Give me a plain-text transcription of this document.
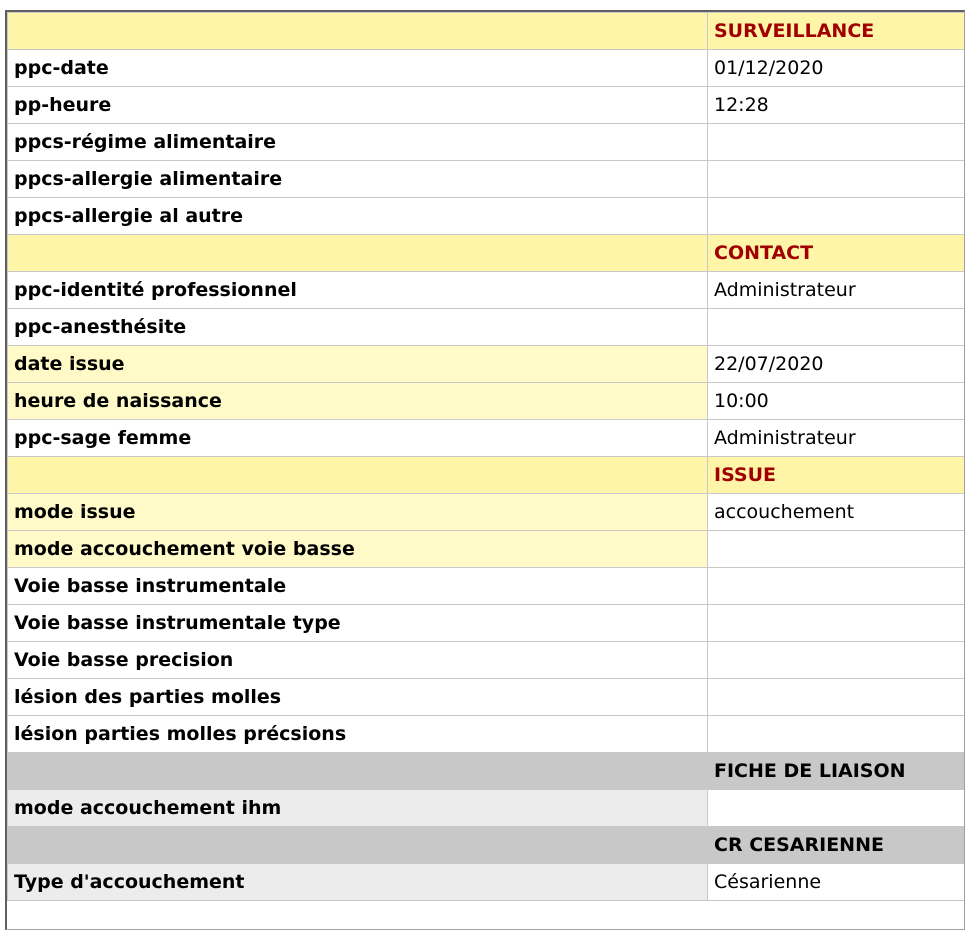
	SURVEILLANCE
ppc-date	01/12/2020
pp-heure	12:28
ppcs-régime alimentaire	
ppcs-allergie alimentaire	
ppcs-allergie al autre	
	CONTACT
ppc-identité professionnel	Administrateur
ppc-anesthésite	
date issue	22/07/2020
heure de naissance	10:00
ppc-sage femme	Administrateur
	ISSUE
mode issue	accouchement
mode accouchement voie basse	
Voie basse instrumentale	
Voie basse instrumentale type	
Voie basse precision	
lésion des parties molles	
lésion parties molles précsions	
	FICHE DE LIAISON
mode accouchement ihm	
	CR CESARIENNE
Type d'accouchement	Césarienne
